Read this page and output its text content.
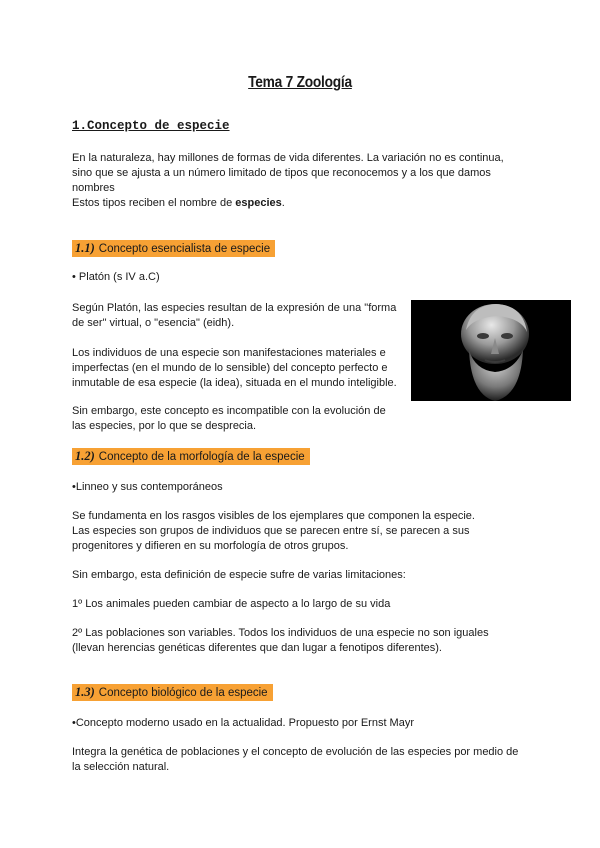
Tema 7 Zoología
1.Concepto de especie
En la naturaleza, hay millones de formas de vida diferentes. La variación no es continua,
sino que se ajusta a un número limitado de tipos que reconocemos y a los que damos
nombres
Estos tipos reciben el nombre de especies.
1.1) Concepto esencialista de especie
• Platón (s IV a.C)
Según Platón, las especies resultan de la expresión de una "forma
de ser" virtual, o "esencia" (eidh).
Los individuos de una especie son manifestaciones materiales e
imperfectas (en el mundo de lo sensible) del concepto perfecto e
inmutable de esa especie (la idea), situada en el mundo inteligible.
Sin embargo, este concepto es incompatible con la evolución de
las especies, por lo que se desprecia.
1.2) Concepto de la morfología de la especie
•Linneo y sus contemporáneos
Se fundamenta en los rasgos visibles de los ejemplares que componen la especie.
Las especies son grupos de individuos que se parecen entre sí, se parecen a sus
progenitores y difieren en su morfología de otros grupos.
Sin embargo, esta definición de especie sufre de varias limitaciones:
1º Los animales pueden cambiar de aspecto a lo largo de su vida
2º Las poblaciones son variables. Todos los individuos de una especie no son iguales
(llevan herencias genéticas diferentes que dan lugar a fenotipos diferentes).
1.3) Concepto biológico de la especie
•Concepto moderno usado en la actualidad. Propuesto por Ernst Mayr
Integra la genética de poblaciones y el concepto de evolución de las especies por medio de
la selección natural.
